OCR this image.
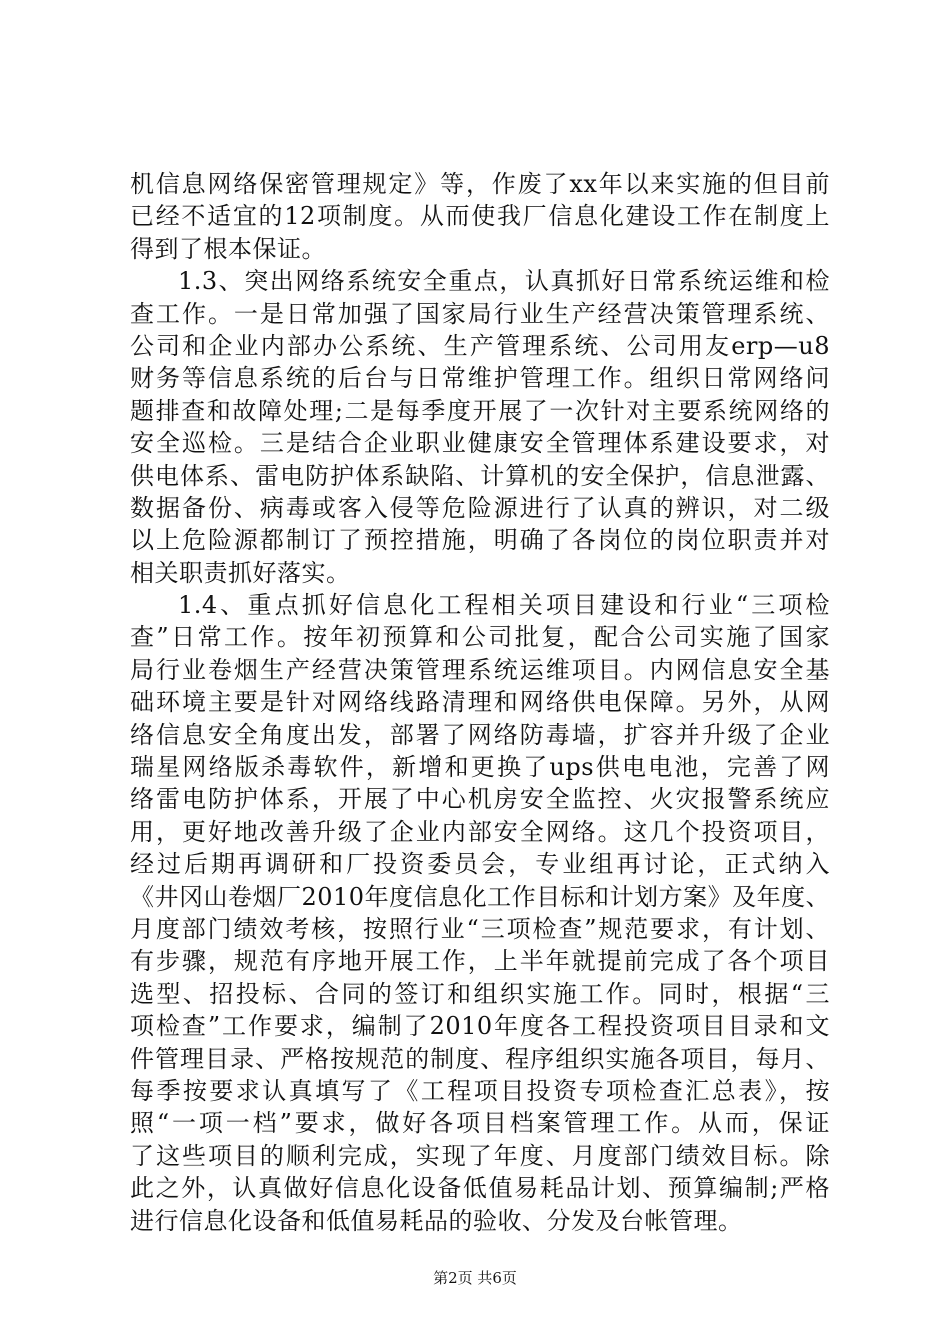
机信息网络保密管理规定》等，作废了xx年以来实施的但目前
已经不适宜的12项制度。从而使我厂信息化建设工作在制度上
得到了根本保证。
1.3、突出网络系统安全重点，认真抓好日常系统运维和检
查工作。一是日常加强了国家局行业生产经营决策管理系统、
公司和企业内部办公系统、生产管理系统、公司用友erp—u8
财务等信息系统的后台与日常维护管理工作。组织日常网络问
题排查和故障处理;二是每季度开展了一次针对主要系统网络的
安全巡检。三是结合企业职业健康安全管理体系建设要求，对
供电体系、雷电防护体系缺陷、计算机的安全保护，信息泄露、
数据备份、病毒或客入侵等危险源进行了认真的辨识，对二级
以上危险源都制订了预控措施，明确了各岗位的岗位职责并对
相关职责抓好落实。
1.4、重点抓好信息化工程相关项目建设和行业“三项检
查”日常工作。按年初预算和公司批复，配合公司实施了国家
局行业卷烟生产经营决策管理系统运维项目。内网信息安全基
础环境主要是针对网络线路清理和网络供电保障。另外，从网
络信息安全角度出发，部署了网络防毒墙，扩容并升级了企业
瑞星网络版杀毒软件，新增和更换了ups供电电池，完善了网
络雷电防护体系，开展了中心机房安全监控、火灾报警系统应
用，更好地改善升级了企业内部安全网络。这几个投资项目，
经过后期再调研和厂投资委员会，专业组再讨论，正式纳入
《井冈山卷烟厂2010年度信息化工作目标和计划方案》及年度、
月度部门绩效考核，按照行业“三项检查”规范要求，有计划、
有步骤，规范有序地开展工作，上半年就提前完成了各个项目
选型、招投标、合同的签订和组织实施工作。同时，根据“三
项检查”工作要求，编制了2010年度各工程投资项目目录和文
件管理目录、严格按规范的制度、程序组织实施各项目，每月、
每季按要求认真填写了《工程项目投资专项检查汇总表》，按
照“一项一档”要求，做好各项目档案管理工作。从而，保证
了这些项目的顺利完成，实现了年度、月度部门绩效目标。除
此之外，认真做好信息化设备低值易耗品计划、预算编制;严格
进行信息化设备和低值易耗品的验收、分发及台帐管理。
第2页 共6页
